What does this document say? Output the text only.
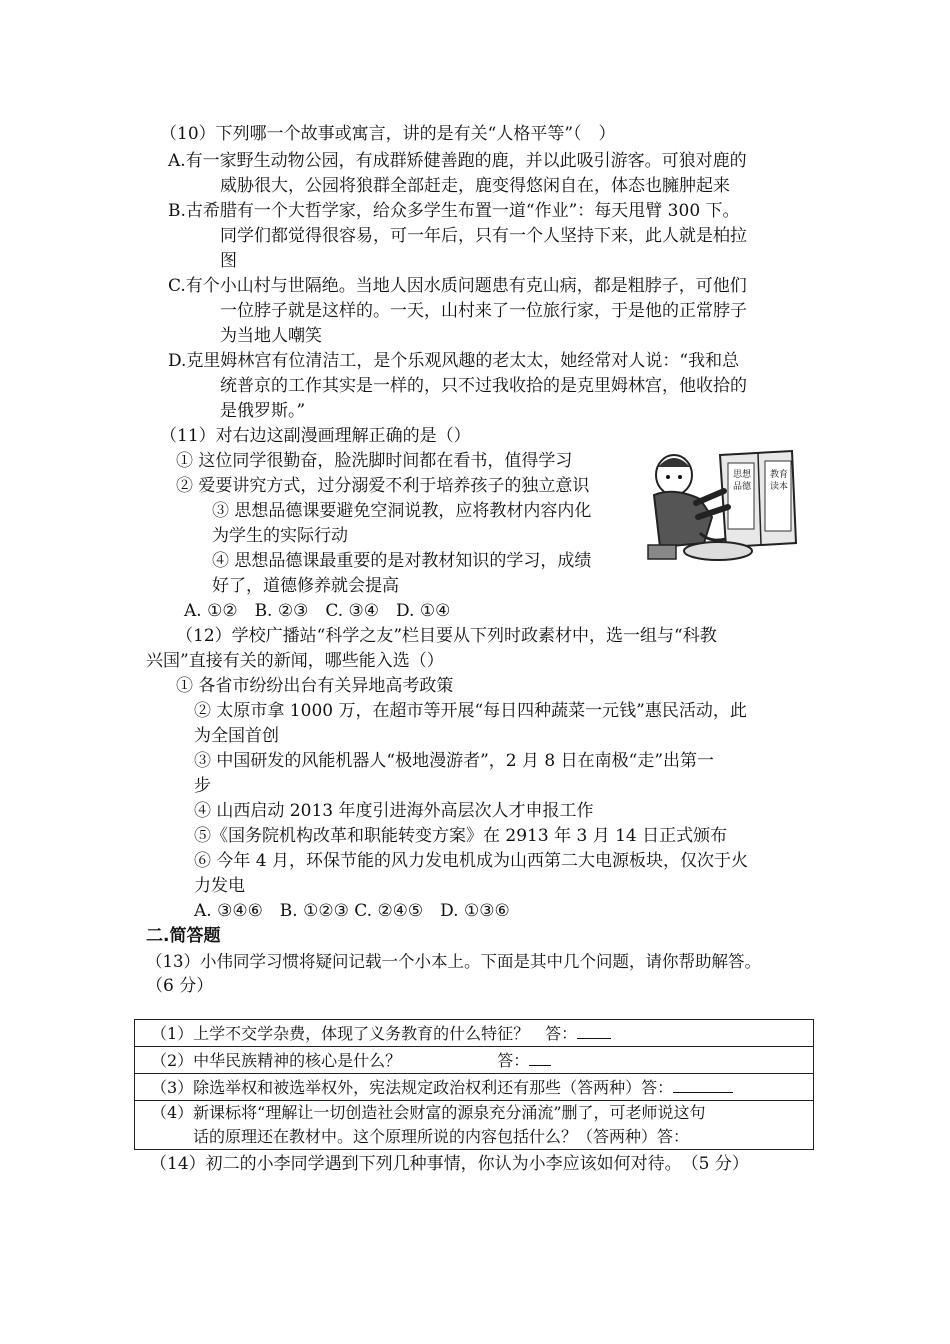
（10）下列哪一个故事或寓言，讲的是有关“人格平等”（　）
A.有一家野生动物公园，有成群矫健善跑的鹿，并以此吸引游客。可狼对鹿的
威胁很大，公园将狼群全部赶走，鹿变得悠闲自在，体态也臃肿起来
B.古希腊有一个大哲学家，给众多学生布置一道“作业”：每天甩臂 300 下。
同学们都觉得很容易，可一年后，只有一个人坚持下来，此人就是柏拉
图
C.有个小山村与世隔绝。当地人因水质问题患有克山病，都是粗脖子，可他们
一位脖子就是这样的。一天，山村来了一位旅行家，于是他的正常脖子
为当地人嘲笑
D.克里姆林宫有位清洁工，是个乐观风趣的老太太，她经常对人说：“我和总
统普京的工作其实是一样的，只不过我收拾的是克里姆林宫，他收拾的
是俄罗斯。”
（11）对右边这副漫画理解正确的是（）
① 这位同学很勤奋，脸洗脚时间都在看书，值得学习
② 爱要讲究方式，过分溺爱不利于培养孩子的独立意识
③ 思想品德课要避免空洞说教，应将教材内容内化
为学生的实际行动
④ 思想品德课最重要的是对教材知识的学习，成绩
好了，道德修养就会提高
A. ①②　B. ②③　C. ③④　D. ①④
思想 品德 教育 读本
（12）学校广播站“科学之友”栏目要从下列时政素材中，选一组与“科教
兴国”直接有关的新闻，哪些能入选（）
① 各省市纷纷出台有关异地高考政策
② 太原市拿 1000 万，在超市等开展“每日四种蔬菜一元钱”惠民活动，此
为全国首创
③ 中国研发的风能机器人“极地漫游者”，2 月 8 日在南极“走”出第一
步
④ 山西启动 2013 年度引进海外高层次人才申报工作
⑤《国务院机构改革和职能转变方案》在 2913 年 3 月 14 日正式颁布
⑥ 今年 4 月，环保节能的风力发电机成为山西第二大电源板块，仅次于火
力发电
A. ③④⑥　B. ①②③ C. ②④⑤　D. ①③⑥
二.简答题
（13）小伟同学习惯将疑问记载一个小本上。下面是其中几个问题，请你帮助解答。
（6 分）
（1）上学不交学杂费，体现了义务教育的什么特征？　答：
（2）中华民族精神的核心是什么？	答：
（3）除选举权和被选举权外，宪法规定政治权利还有那些（答两种）答：

（4）新课标将“理解让一切创造社会财富的源泉充分涌流”删了，可老师说这句
话的原理还在教材中。这个原理所说的内容包括什么？（答两种）答：
（14）初二的小李同学遇到下列几种事情，你认为小李应该如何对待。　（5 分）
